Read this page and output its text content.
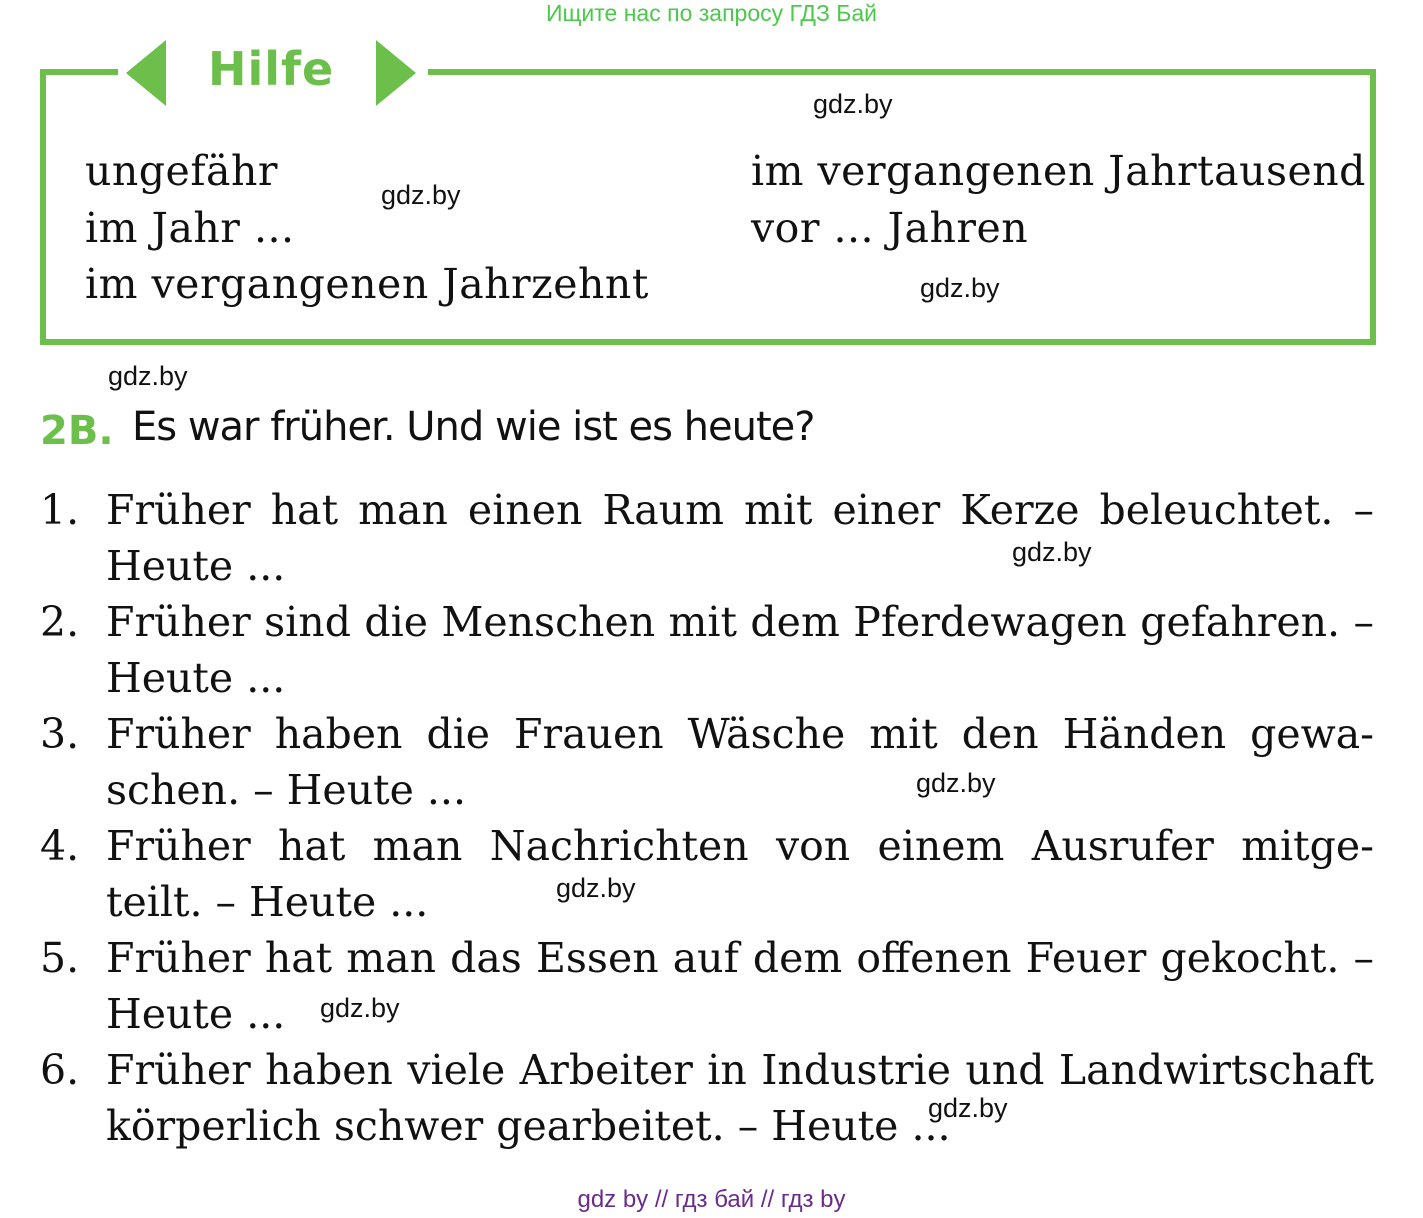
Ищите нас по запросу ГДЗ Бай
Hilfe
ungefähr
im Jahr ...
im vergangenen Jahrzehnt
im vergangenen Jahrtausend
vor ... Jahren
2B. Es war früher. Und wie ist es heute?
1. Früher hat man einen Raum mit einer Kerze beleuchtet. –
Heute ...
2. Früher sind die Menschen mit dem Pferdewagen gefahren. –
Heute ...
3. Früher haben die Frauen Wäsche mit den Händen gewa-
schen. – Heute ...
4. Früher hat man Nachrichten von einem Ausrufer mitge-
teilt. – Heute ...
5. Früher hat man das Essen auf dem offenen Feuer gekocht. –
Heute ...
6. Früher haben viele Arbeiter in Industrie und Landwirtschaft
körperlich schwer gearbeitet. – Heute ...
gdz.by
gdz.by
gdz.by
gdz.by
gdz.by
gdz.by
gdz.by
gdz.by
gdz.by
gdz by // гдз бай // гдз by
